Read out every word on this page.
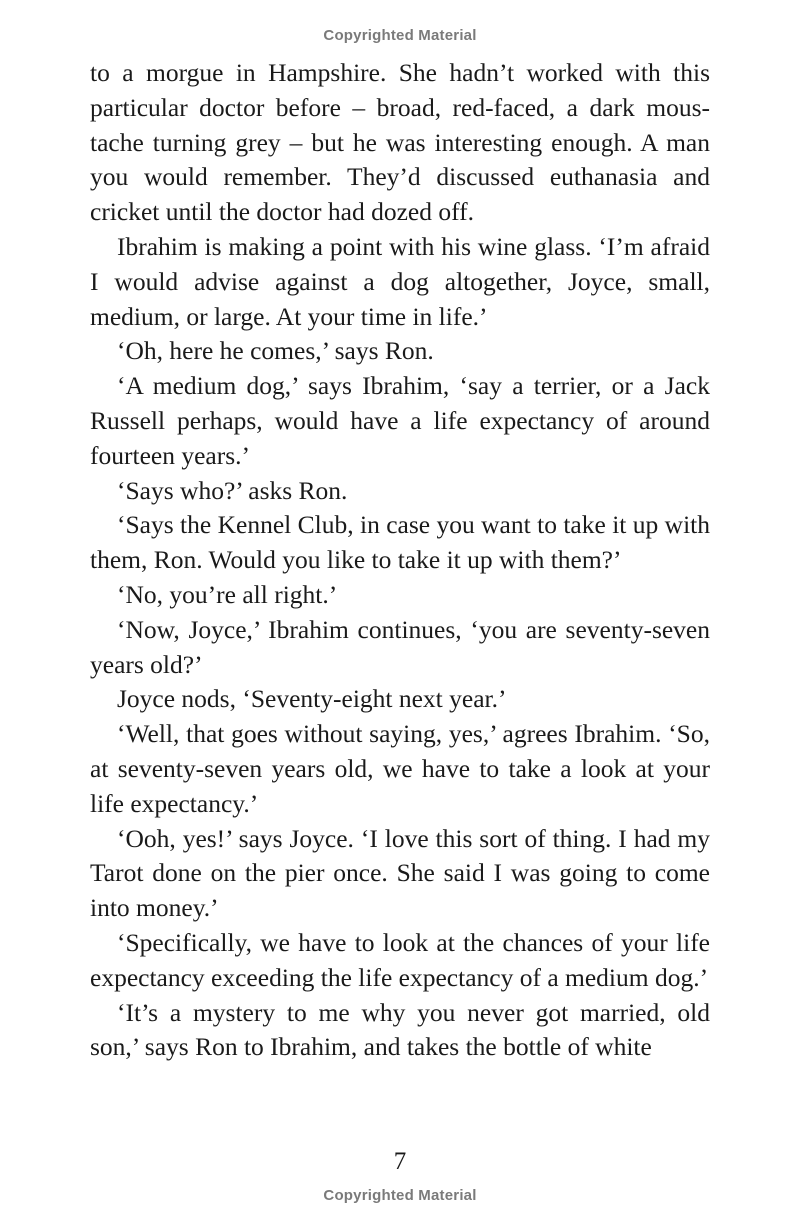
Copyrighted Material

to a morgue in Hampshire. She hadn’t worked with this particular doctor before – broad, red-faced, a dark moustache turning grey – but he was interesting enough. A man you would remember. They’d discussed euthanasia and cricket until the doctor had dozed off.

Ibrahim is making a point with his wine glass. ‘I’m afraid I would advise against a dog altogether, Joyce, small, medium, or large. At your time in life.’

‘Oh, here he comes,’ says Ron.

‘A medium dog,’ says Ibrahim, ‘say a terrier, or a Jack Russell perhaps, would have a life expectancy of around fourteen years.’

‘Says who?’ asks Ron.

‘Says the Kennel Club, in case you want to take it up with them, Ron. Would you like to take it up with them?’

‘No, you’re all right.’

‘Now, Joyce,’ Ibrahim continues, ‘you are seventy-seven years old?’

Joyce nods, ‘Seventy-eight next year.’

‘Well, that goes without saying, yes,’ agrees Ibrahim. ‘So, at seventy-seven years old, we have to take a look at your life expectancy.’

‘Ooh, yes!’ says Joyce. ‘I love this sort of thing. I had my Tarot done on the pier once. She said I was going to come into money.’

‘Specifically, we have to look at the chances of your life expectancy exceeding the life expectancy of a medium dog.’

‘It’s a mystery to me why you never got married, old son,’ says Ron to Ibrahim, and takes the bottle of white

7
Copyrighted Material
